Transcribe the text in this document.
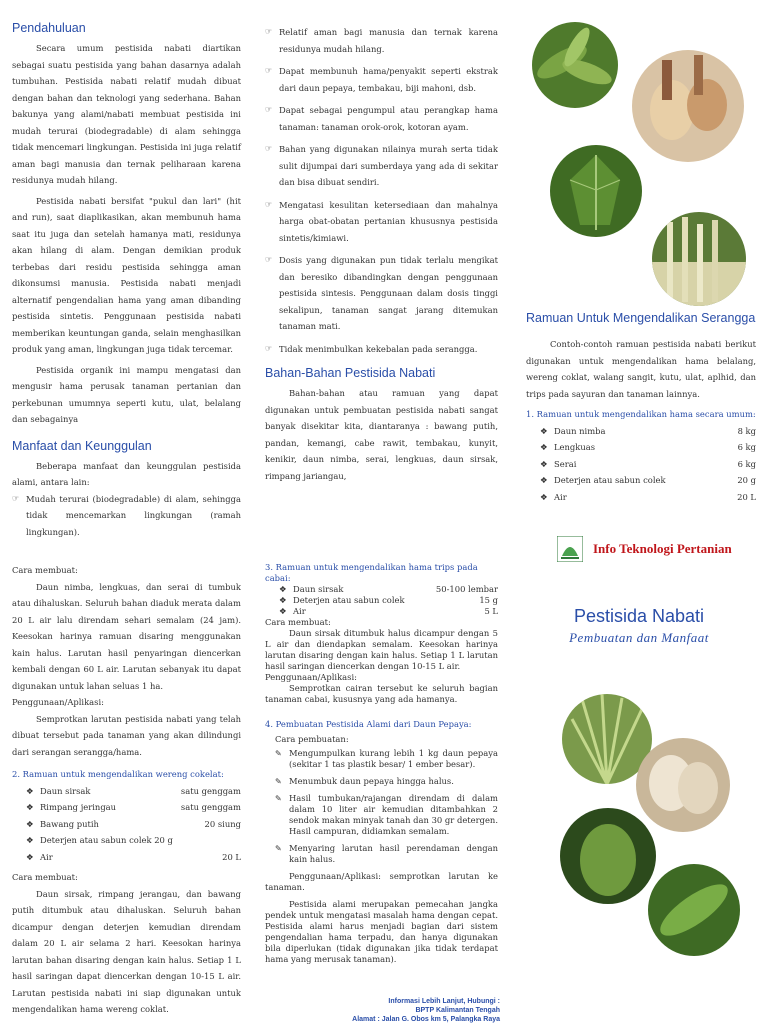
Pendahuluan

Secara umum pestisida nabati diartikan sebagai suatu pestisida yang bahan dasarnya adalah tumbuhan. Pestisida nabati relatif mudah dibuat dengan bahan dan teknologi yang sederhana. Bahan bakunya yang alami/nabati membuat pestisida ini mudah terurai (biodegradable) di alam sehingga tidak mencemari lingkungan. Pestisida ini juga relatif aman bagi manusia dan ternak peliharaan karena residunya mudah hilang.

Pestisida nabati bersifat "pukul dan lari" (hit and run), saat diaplikasikan, akan membunuh hama saat itu juga dan setelah hamanya mati, residunya akan hilang di alam. Dengan demikian produk terbebas dari residu pestisida sehingga aman dikonsumsi manusia. Pestisida nabati menjadi alternatif pengendalian hama yang aman dibanding pestisida sintetis. Penggunaan pestisida nabati memberikan keuntungan ganda, selain menghasilkan produk yang aman, lingkungan juga tidak tercemar.

Pestisida organik ini mampu mengatasi dan mengusir hama perusak tanaman pertanian dan perkebunan umumnya seperti kutu, ulat, belalang dan sebagainya

Manfaat dan Keunggulan

Beberapa manfaat dan keunggulan pestisida alami, antara lain:

☞ Mudah terurai (biodegradable) di alam, sehingga tidak mencemarkan lingkungan (ramah lingkungan).
☞ Relatif aman bagi manusia dan ternak karena residunya mudah hilang.
☞ Dapat membunuh hama/penyakit seperti ekstrak dari daun pepaya, tembakau, biji mahoni, dsb.
☞ Dapat sebagai pengumpul atau perangkap hama tanaman: tanaman orok-orok, kotoran ayam.
☞ Bahan yang digunakan nilainya murah serta tidak sulit dijumpai dari sumberdaya yang ada di sekitar dan bisa dibuat sendiri.
☞ Mengatasi kesulitan ketersediaan dan mahalnya harga obat-obatan pertanian khususnya pestisida sintetis/kimiawi.
☞ Dosis yang digunakan pun tidak terlalu mengikat dan beresiko dibandingkan dengan penggunaan pestisida sintesis. Penggunaan dalam dosis tinggi sekalipun, tanaman sangat jarang ditemukan tanaman mati.
☞ Tidak menimbulkan kekebalan pada serangga.
Bahan-Bahan Pestisida Nabati

Bahan-bahan atau ramuan yang dapat digunakan untuk pembuatan pestisida nabati sangat banyak disekitar kita, diantaranya : bawang putih, pandan, kemangi, cabe rawit, tembakau, kunyit, kenikir, daun nimba, serai, lengkuas, daun sirsak, rimpang jariangau,

Ramuan Untuk Mengendalikan Serangga

Contoh-contoh ramuan pestisida nabati berikut digunakan untuk mengendalikan hama belalang, wereng coklat, walang sangit, kutu, ulat, aplhid, dan trips pada sayuran dan tanaman lainnya.

1. Ramuan untuk mengendalikan hama secara umum:
❖ Daun nimba	8 kg
❖ Lengkuas	6 kg
❖ Serai	6 kg
❖ Deterjen atau sabun colek	20 g
❖ Air	20 L
Cara membuat:

Daun nimba, lengkuas, dan serai di tumbuk atau dihaluskan. Seluruh bahan diaduk merata dalam 20 L air lalu direndam sehari semalam (24 jam). Keesokan harinya ramuan disaring menggunakan kain halus. Larutan hasil penyaringan diencerkan kembali dengan 60 L air. Larutan sebanyak itu dapat digunakan untuk lahan seluas 1 ha.

Penggunaan/Aplikasi:

Semprotkan larutan pestisida nabati yang telah dibuat tersebut pada tanaman yang akan dilindungi dari serangan serangga/hama.

2. Ramuan untuk mengendalikan wereng cokelat:
❖ Daun sirsak	satu genggam
❖ Rimpang jeringau	satu genggam
❖ Bawang putih	20 siung
❖ Deterjen atau sabun colek 20 g
❖ Air	20 L
Cara membuat:

Daun sirsak, rimpang jerangau, dan bawang putih ditumbuk atau dihaluskan. Seluruh bahan dicampur dengan deterjen kemudian direndam dalam 20 L air selama 2 hari. Keesokan harinya larutan bahan disaring dengan kain halus. Setiap 1 L hasil saringan dapat diencerkan dengan 10-15 L air. Larutan pestisida nabati ini siap digunakan untuk mengendalikan hama wereng coklat.

3. Ramuan untuk mengendalikan hama trips pada cabai:
❖ Daun sirsak	50-100 lembar
❖ Deterjen atau sabun colek	15 g
❖ Air	5 L
Cara membuat:

Daun sirsak ditumbuk halus dicampur dengan 5 L air dan diendapkan semalam. Keesokan harinya larutan disaring dengan kain halus. Setiap 1 L larutan hasil saringan diencerkan dengan 10-15 L air.

Penggunaan/Aplikasi:

Semprotkan cairan tersebut ke seluruh bagian tanaman cabai, kususnya yang ada hamanya.

4. Pembuatan Pestisida Alami dari Daun Pepaya:
Cara pembuatan:
✎ Mengumpulkan kurang lebih 1 kg daun pepaya (sekitar 1 tas plastik besar/ 1 ember besar).
✎ Menumbuk daun pepaya hingga halus.
✎ Hasil tumbukan/rajangan direndam di dalam dalam 10 liter air kemudian ditambahkan 2 sendok makan minyak tanah dan 30 gr detergen. Hasil campuran, didiamkan semalam.
✎ Menyaring larutan hasil perendaman dengan kain halus.

Penggunaan/Aplikasi: semprotkan larutan ke tanaman.

Pestisida alami merupakan pemecahan jangka pendek untuk mengatasi masalah hama dengan cepat. Pestisida alami harus menjadi bagian dari sistem pengendalian hama terpadu, dan hanya digunakan bila diperlukan (tidak digunakan jika tidak terdapat hama yang merusak tanaman).

Informasi Lebih Lanjut, Hubungi :
BPTP Kalimantan Tengah
Alamat : Jalan G. Obos km 5, Palangka Raya
Info Teknologi Pertanian
Pestisida Nabati
Pembuatan dan Manfaat
